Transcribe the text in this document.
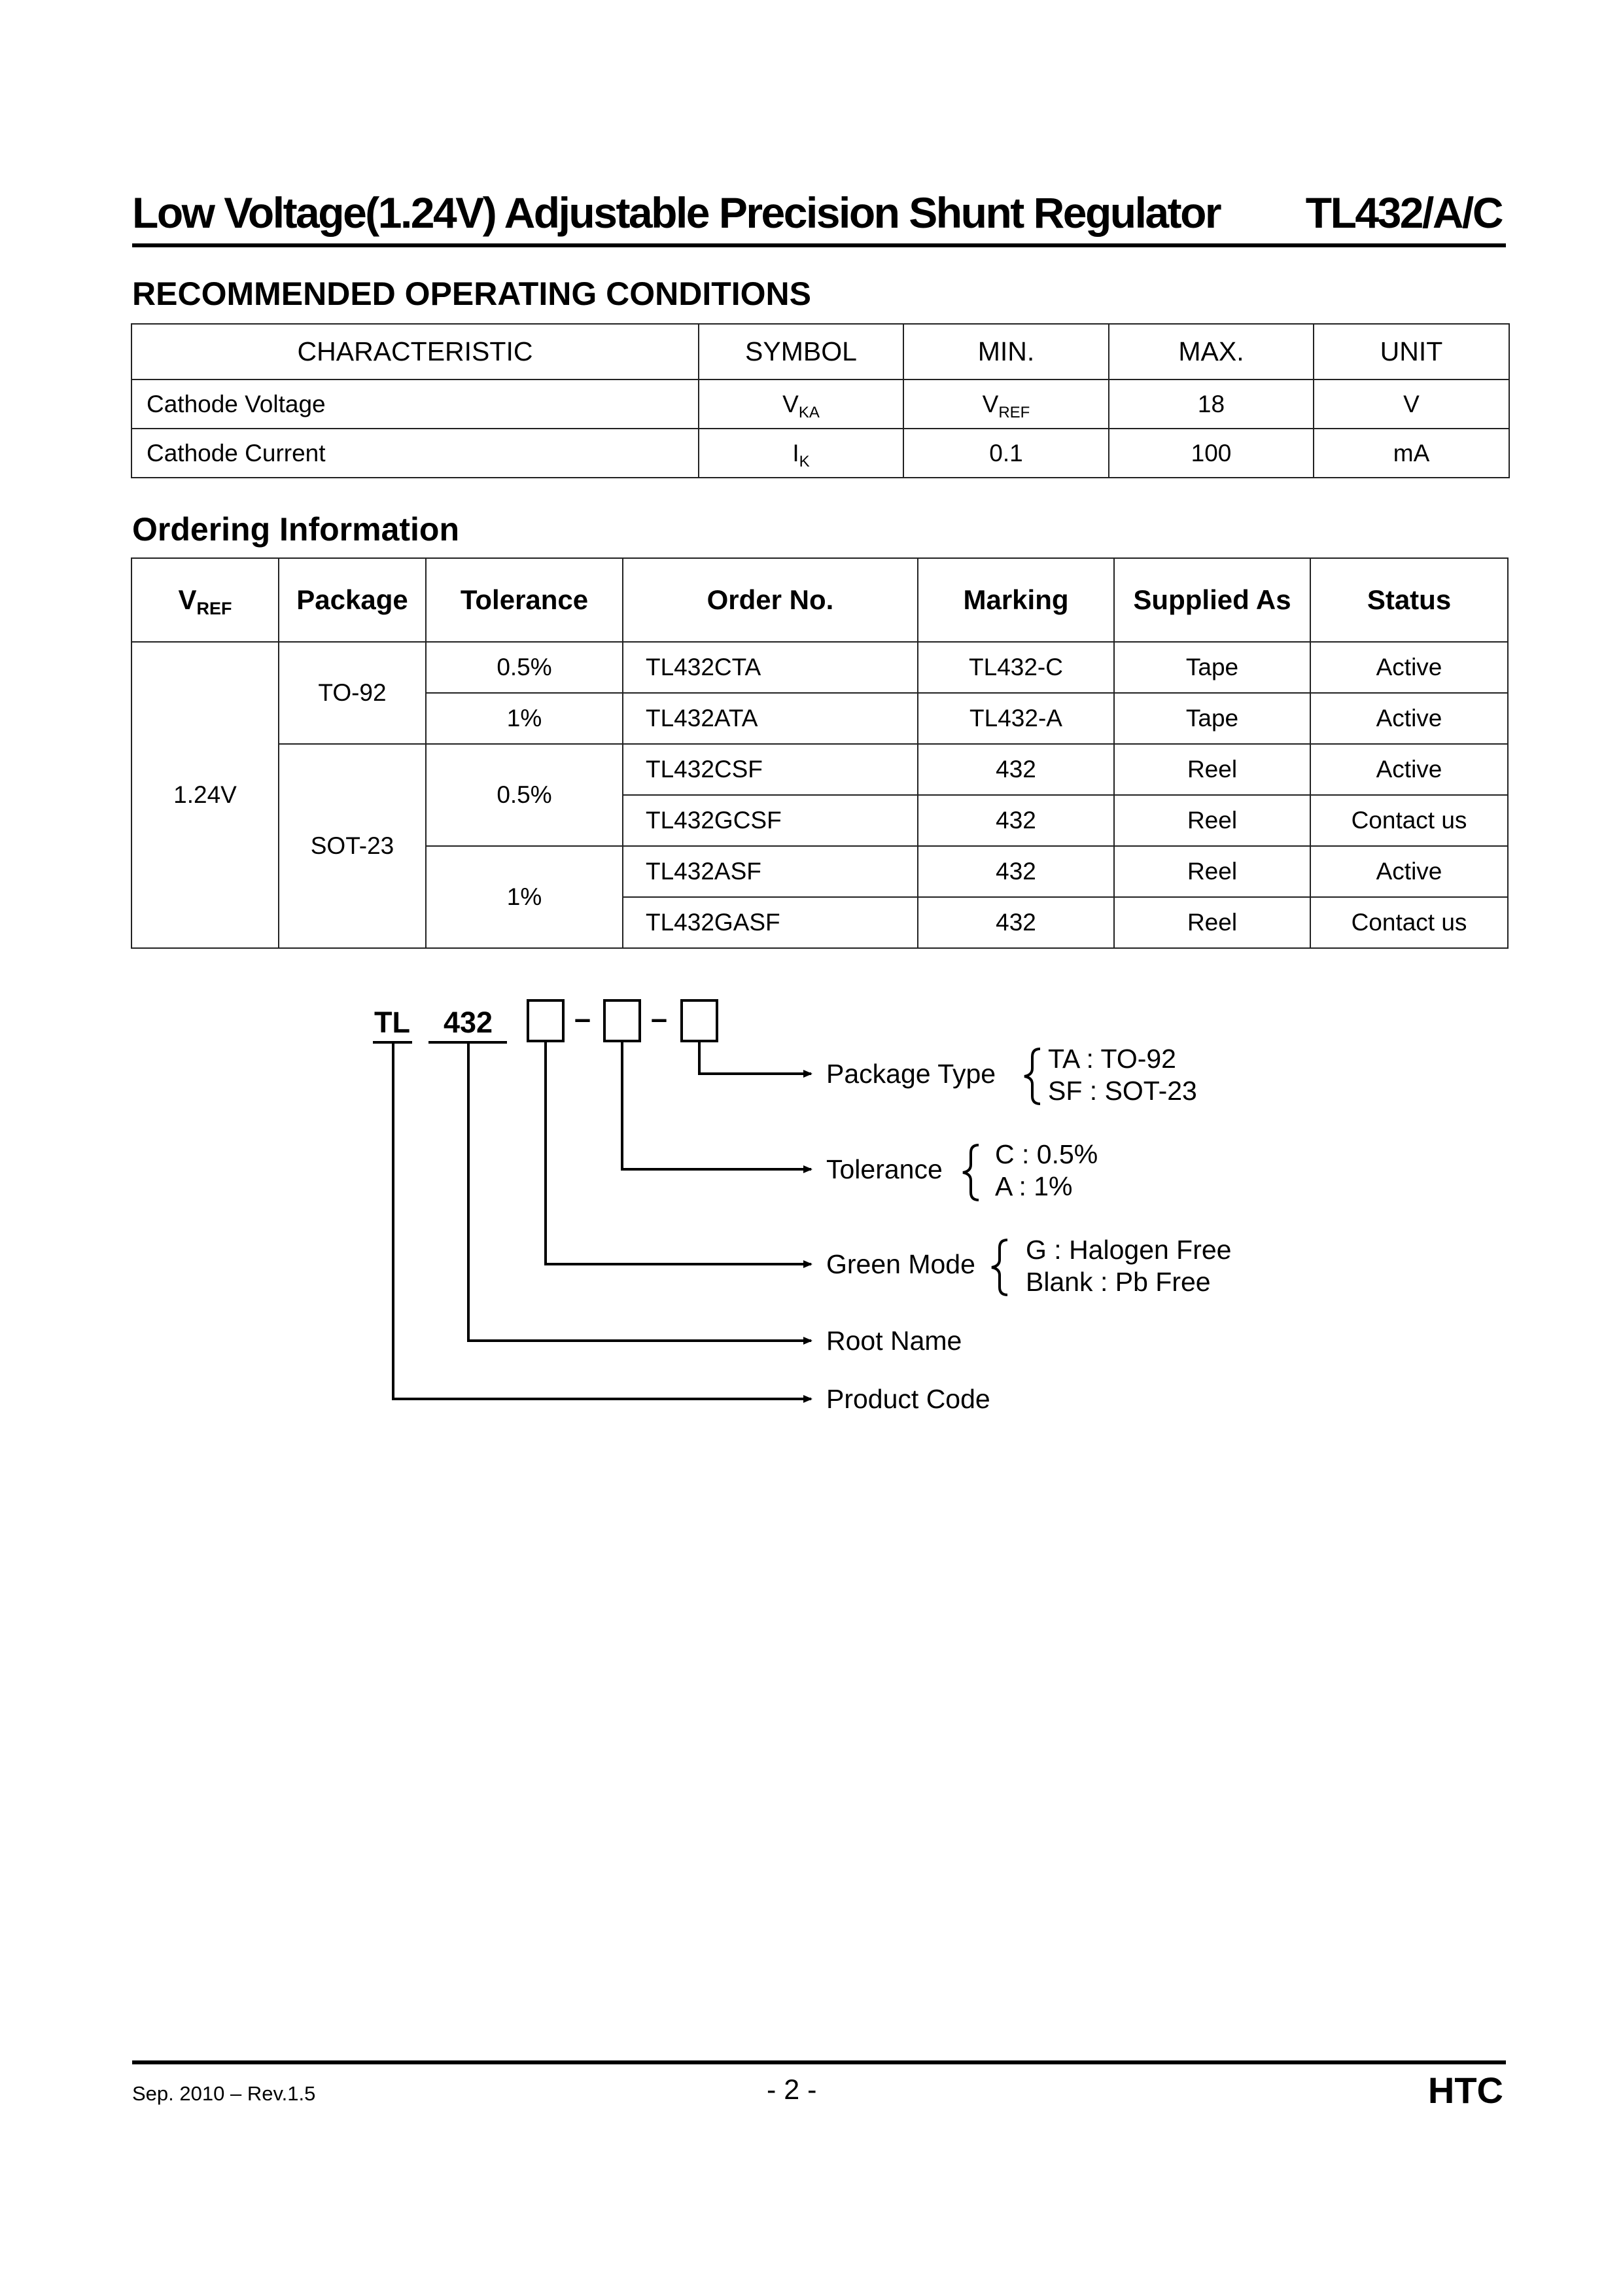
Low Voltage(1.24V) Adjustable Precision Shunt Regulator TL432/A/C
RECOMMENDED OPERATING CONDITIONS
CHARACTERISTIC	SYMBOL	MIN.	MAX.	UNIT
Cathode Voltage	$V_{KA}$	$V_{REF}$	18	V
Cathode Current	$I_K$	0.1	100	mA
Ordering Information
$V_{REF}$	Package	Tolerance	Order No.	Marking	Supplied As	Status
1.24V	TO-92	0.5%	TL432CTA	TL432-C	Tape	Active
		1%	TL432ATA	TL432-A	Tape	Active
	SOT-23	0.5%	TL432CSF	432	Reel	Active
			TL432GCSF	432	Reel	Contact us
		1%	TL432ASF	432	Reel	Active
			TL432GASF	432	Reel	Contact us
TL 432	– –
Package Type
Tolerance
Green Mode
Root Name
Product Code
TA : TO-92
SF : SOT-23
C : 0.5%
A : 1%
G : Halogen Free
Blank : Pb Free
Sep. 2010 – Rev.1.5	- 2 -	HTC
